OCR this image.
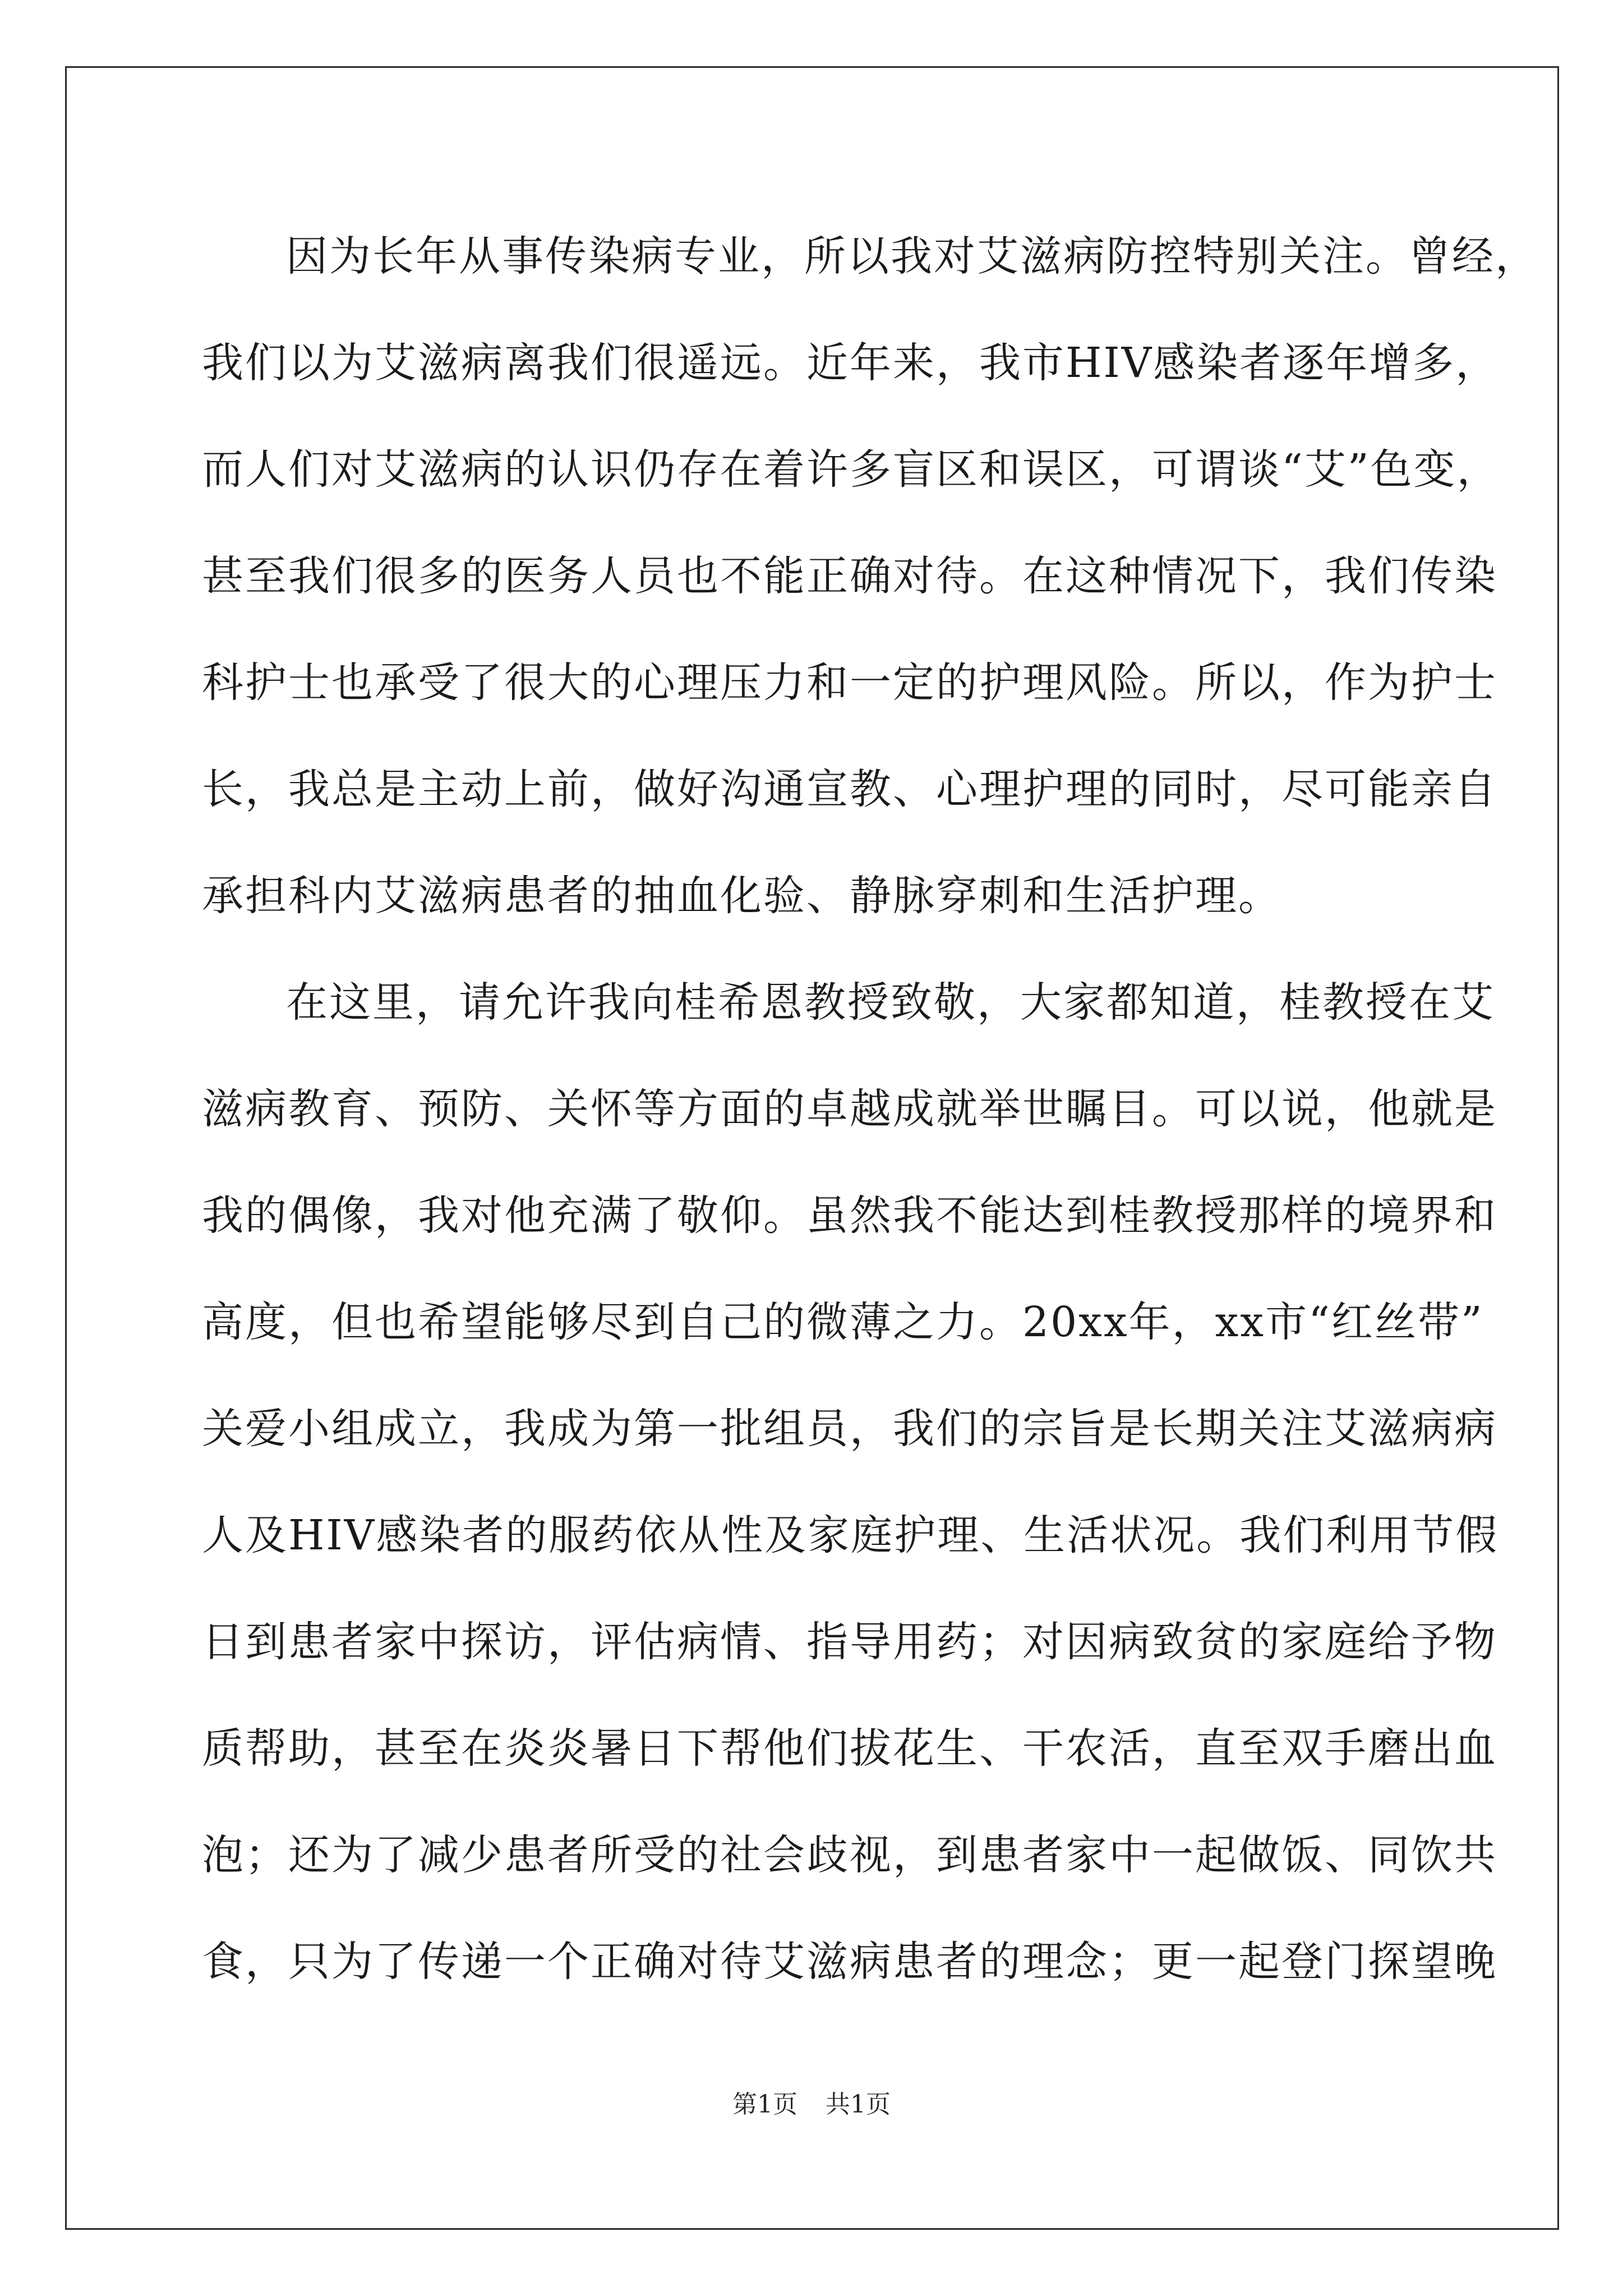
因为长年从事传染病专业，所以我对艾滋病防控特别关注。曾经，
我们以为艾滋病离我们很遥远。近年来，我市HIV感染者逐年增多，
而人们对艾滋病的认识仍存在着许多盲区和误区，可谓谈“艾”色变，
甚至我们很多的医务人员也不能正确对待。在这种情况下，我们传染
科护士也承受了很大的心理压力和一定的护理风险。所以，作为护士
长，我总是主动上前，做好沟通宣教、心理护理的同时，尽可能亲自
承担科内艾滋病患者的抽血化验、静脉穿刺和生活护理。
在这里，请允许我向桂希恩教授致敬，大家都知道，桂教授在艾
滋病教育、预防、关怀等方面的卓越成就举世瞩目。可以说，他就是
我的偶像，我对他充满了敬仰。虽然我不能达到桂教授那样的境界和
高度，但也希望能够尽到自己的微薄之力。20xx年，xx市“红丝带”
关爱小组成立，我成为第一批组员，我们的宗旨是长期关注艾滋病病
人及HIV感染者的服药依从性及家庭护理、生活状况。我们利用节假
日到患者家中探访，评估病情、指导用药；对因病致贫的家庭给予物
质帮助，甚至在炎炎暑日下帮他们拔花生、干农活，直至双手磨出血
泡；还为了减少患者所受的社会歧视，到患者家中一起做饭、同饮共
食，只为了传递一个正确对待艾滋病患者的理念；更一起登门探望晚
第1页 共1页
